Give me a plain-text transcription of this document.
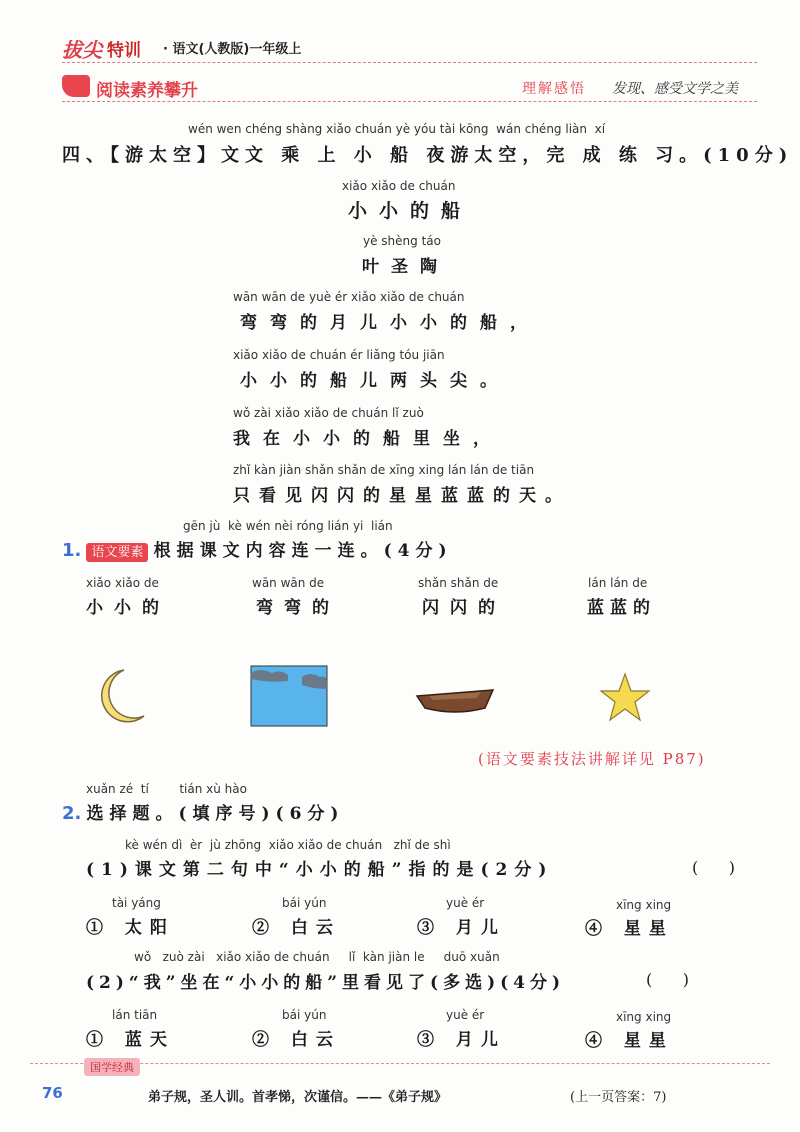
拔尖 特训 · 语文(人教版)一年级上
阅读素养攀升	理解感悟 发现、感受文学之美
wén wen chéng shàng xiǎo chuán yè yóu tài kōng  wán chéng liàn  xí
四、【游太空】文文 乘 上 小 船 夜游太空，完 成 练 习。(10分)
xiǎo xiǎo de chuán
小小的船
yè shèng táo
叶圣陶
wān wān de yuè ér xiǎo xiǎo de chuán
弯弯的月儿小小的船，
xiǎo xiǎo de chuán ér liǎng tóu jiān
小小的船儿两头尖。
wǒ zài xiǎo xiǎo de chuán lǐ zuò
我在小小的船里坐，
zhǐ kàn jiàn shǎn shǎn de xīng xing lán lán de tiān
只看见闪闪的星星蓝蓝的天。
gēn jù  kè wén nèi róng lián yi  lián
1. 语文要素 根据课文内容连一连。(4分)
xiǎo xiǎo de
小小的
wān wān de
弯弯的
shǎn shǎn de
闪闪的
lán lán de
蓝蓝的
(语文要素技法讲解详见 P87)
xuǎn zé  tí        tián xù hào
2. 选择题。(填序号)(6分)
kè wén dì  èr  jù zhōng  xiǎo xiǎo de chuán   zhǐ de shì
(1)课文第二句中“小小的船”指的是(2分)	(      )
tài yáng
① 太阳
bái yún
② 白云
yuè ér
③ 月儿
xīng xing
④ 星星
wǒ   zuò zài   xiǎo xiǎo de chuán     lǐ  kàn jiàn le     duō xuǎn
(2)“我”坐在“小小的船”里看见了(多选)(4分)	(      )
lán tiān
① 蓝天
bái yún
② 白云
yuè ér
③ 月儿
xīng xing
④ 星星
国学经典
76	弟子规，圣人训。首孝悌，次谨信。——《弟子规》	(上一页答案：7)
